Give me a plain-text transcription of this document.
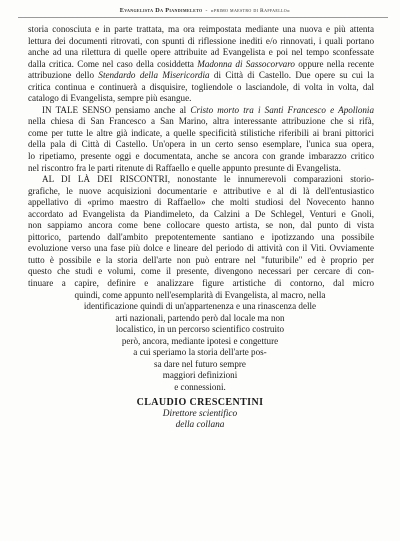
Evangelista Da Piandimeleto - «primo maestro di Raffaello»
storia conosciuta e in parte trattata, ma ora reimpostata mediante una nuova e più attenta
lettura dei documenti ritrovati, con spunti di riflessione inediti e/o rinnovati, i quali portano
anche ad una rilettura di quelle opere attribuite ad Evangelista e poi nel tempo sconfessate
dalla critica. Come nel caso della cosiddetta Madonna di Sassocorvaro oppure nella recente
attribuzione dello Stendardo della Misericordia di Città di Castello. Due opere su cui la
critica continua e continuerà a disquisire, togliendole o lasciandole, di volta in volta, dal
catalogo di Evangelista, sempre più esangue.
IN TALE SENSO pensiamo anche al Cristo morto tra i Santi Francesco e Apollonia
nella chiesa di San Francesco a San Marino, altra interessante attribuzione che si rifà,
come per tutte le altre già indicate, a quelle specificità stilistiche riferibili ai brani pittorici
della pala di Città di Castello. Un'opera in un certo senso esemplare, l'unica sua opera,
lo ripetiamo, presente oggi e documentata, anche se ancora con grande imbarazzo critico
nel riscontro fra le parti ritenute di Raffaello e quelle appunto presunte di Evangelista.
AL DI LÀ DEI RISCONTRI, nonostante le innumerevoli comparazioni storio-
grafiche, le nuove acquisizioni documentarie e attributive e al di là dell'entusiastico
appellativo di «primo maestro di Raffaello» che molti studiosi del Novecento hanno
accordato ad Evangelista da Piandimeleto, da Calzini a De Schlegel, Venturi e Gnoli,
non sappiamo ancora come bene collocare questo artista, se non, dal punto di vista
pittorico, partendo dall'ambito prepotentemente santiano e ipotizzando una possibile
evoluzione verso una fase più dolce e lineare del periodo di attività con il Viti. Ovviamente
tutto è possibile e la storia dell'arte non può entrare nel "futuribile" ed è proprio per
questo che studi e volumi, come il presente, divengono necessari per cercare di con-
tinuare a capire, definire e analizzare figure artistiche di contorno, dal micro
quindi, come appunto nell'esemplarità di Evangelista, al macro, nella
identificazione quindi di un'appartenenza e una rinascenza delle
arti nazionali, partendo però dal locale ma non
localistico, in un percorso scientifico costruito
però, ancora, mediante ipotesi e congetture
a cui speriamo la storia dell'arte pos-
sa dare nel futuro sempre
maggiori definizioni
e connessioni.
CLAUDIO CRESCENTINI
Direttore scientifico
della collana
